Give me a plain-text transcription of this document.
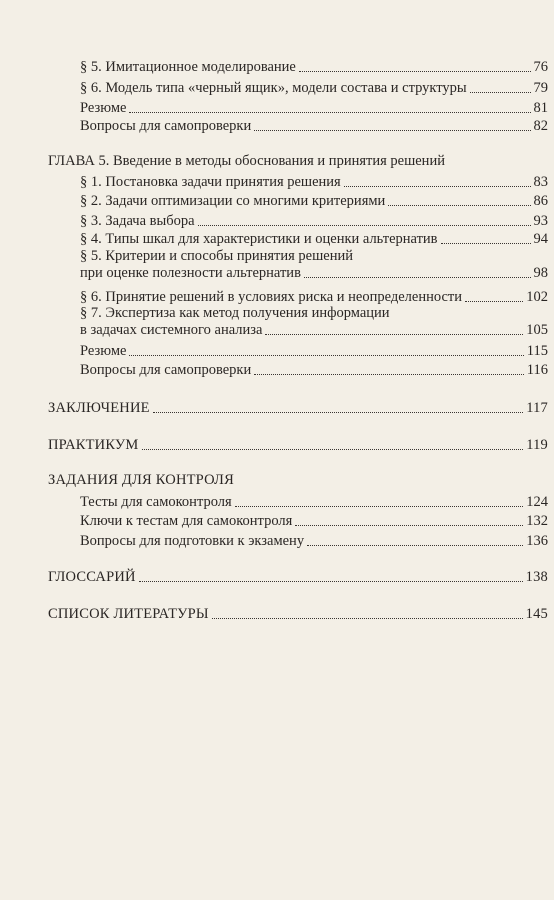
§ 5. Имитационное моделирование	76
§ 6. Модель типа «черный ящик», модели состава и структуры	79
Резюме	81
Вопросы для самопроверки	82
ГЛАВА 5. Введение в методы обоснования и принятия решений
§ 1. Постановка задачи принятия решения	83
§ 2. Задачи оптимизации со многими критериями	86
§ 3. Задача выбора	93
§ 4. Типы шкал для характеристики и оценки альтернатив	94
§ 5. Критерии и способы принятия решений
при оценке полезности альтернатив	98
§ 6. Принятие решений в условиях риска и неопределенности	102
§ 7. Экспертиза как метод получения информации
в задачах системного анализа	105
Резюме	115
Вопросы для самопроверки	116
ЗАКЛЮЧЕНИЕ	117
ПРАКТИКУМ	119
ЗАДАНИЯ ДЛЯ КОНТРОЛЯ
Тесты для самоконтроля	124
Ключи к тестам для самоконтроля	132
Вопросы для подготовки к экзамену	136
ГЛОССАРИЙ	138
СПИСОК ЛИТЕРАТУРЫ	145
